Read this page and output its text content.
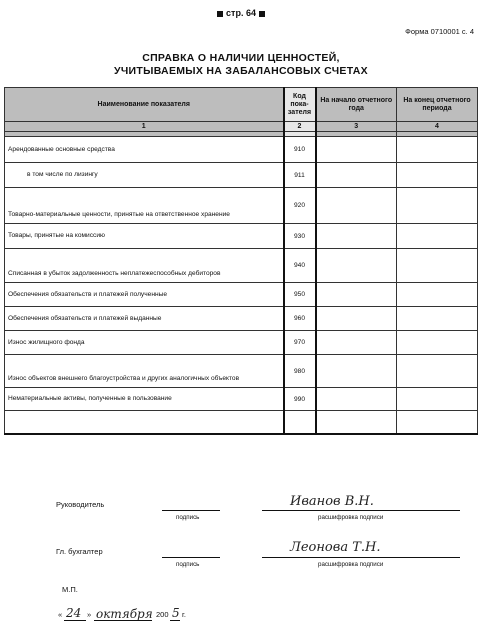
стр. 64
Форма 0710001 с. 4
СПРАВКА О НАЛИЧИИ ЦЕННОСТЕЙ,
УЧИТЫВАЕМЫХ НА ЗАБАЛАНСОВЫХ СЧЕТАХ
Наименование показателя	Код пока-зателя	На начало отчетного года	На конец отчетного периода
1	2	3	4

Арендованные основные средства	910		
в том числе по лизингу	911		
Товарно-материальные ценности, принятые на ответственное хранение	920		
Товары, принятые на комиссию	930		
Списанная в убыток задолженность неплатежеспособных дебиторов	940		
Обеспечения обязательств и платежей полученные	950		
Обеспечения обязательств и платежей выданные	960		
Износ жилищного фонда	970		
Износ объектов внешнего благоустройства и других аналогичных объектов	980		
Нематериальные активы, полученные в пользование	990		

Руководитель
подпись
Иванов В.Н.
расшифровка подписи
Гл. бухгалтер
подпись
Леонова Т.Н.
расшифровка подписи
М.П.
« 24 » октября 200 5 г.
